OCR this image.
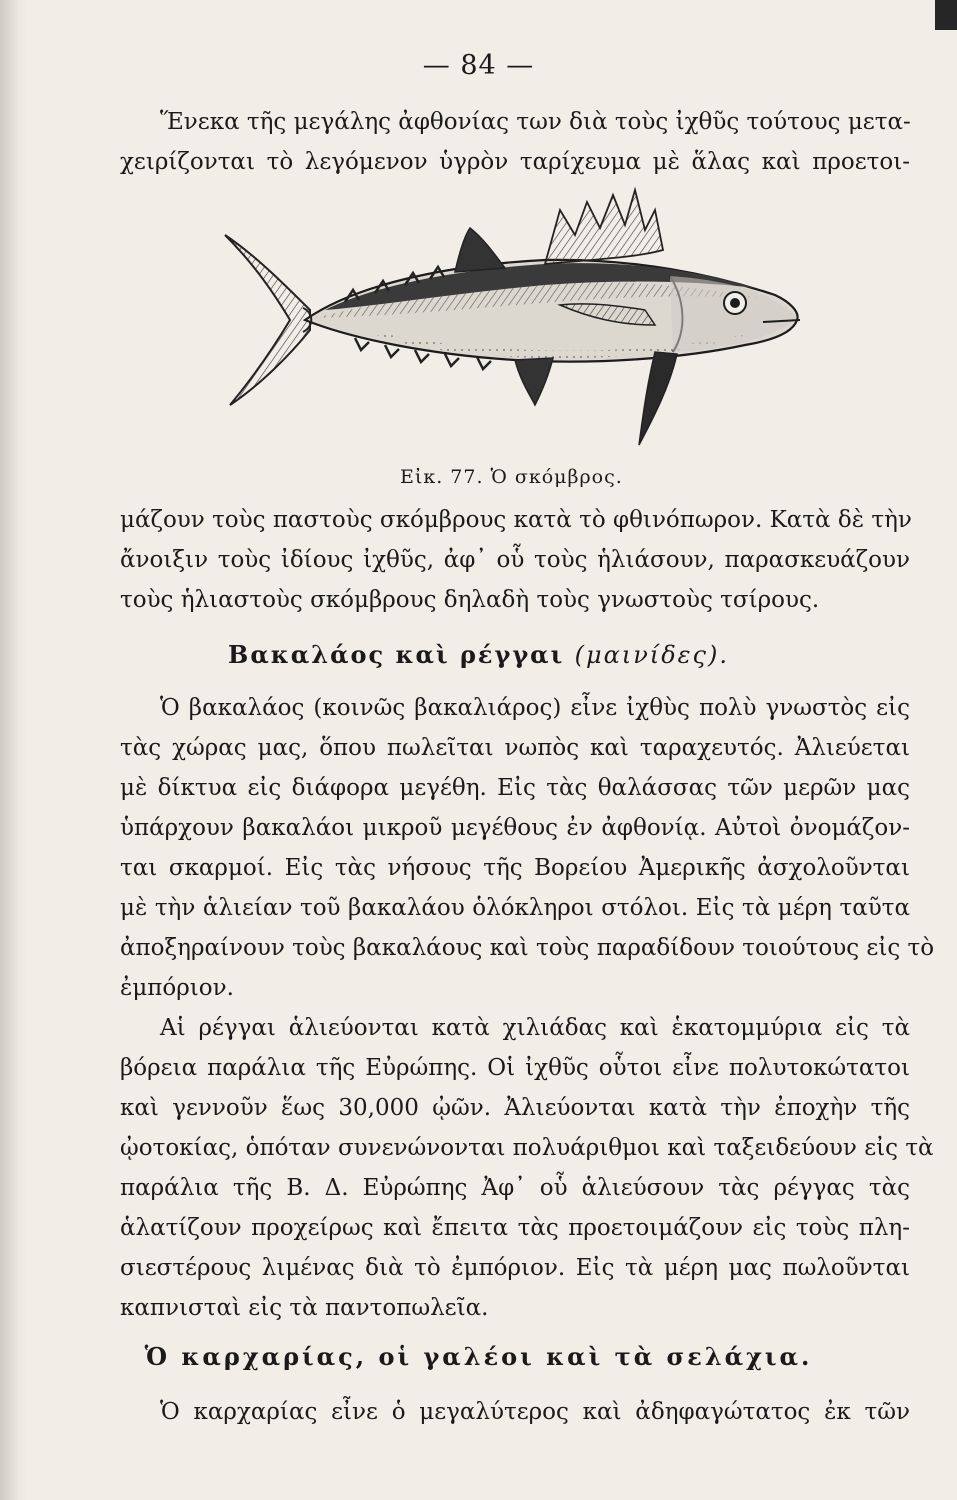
— 84 —
Ἕνεκα τῆς μεγάλης ἀφθονίας των διὰ τοὺς ἰχθῦς τούτους μετα-
χειρίζονται τὸ λεγόμενον ὑγρὸν ταρίχευμα μὲ ἅλας καὶ προετοι-
Εἰκ. 77. Ὁ σκόμβρος.
μάζουν τοὺς παστοὺς σκόμβρους κατὰ τὸ φθινόπωρον. Κατὰ δὲ τὴν
ἄνοιξιν τοὺς ἰδίους ἰχθῦς, ἀφ᾽ οὗ τοὺς ἡλιάσουν, παρασκευάζουν
τοὺς ἡλιαστοὺς σκόμβρους δηλαδὴ τοὺς γνωστοὺς τσίρους.
Βακαλάος καὶ ρέγγαι (μαινίδες).
Ὁ βακαλάος (κοινῶς βακαλιάρος) εἶνε ἰχθὺς πολὺ γνωστὸς εἰς
τὰς χώρας μας, ὅπου πωλεῖται νωπὸς καὶ ταραχευτός. Ἀλιεύεται
μὲ δίκτυα εἰς διάφορα μεγέθη. Εἰς τὰς θαλάσσας τῶν μερῶν μας
ὑπάρχουν βακαλάοι μικροῦ μεγέθους ἐν ἀφθονίᾳ. Αὐτοὶ ὀνομάζον-
ται σκαρμοί. Εἰς τὰς νήσους τῆς Βορείου Ἀμερικῆς ἀσχολοῦνται
μὲ τὴν ἁλιείαν τοῦ βακαλάου ὁλόκληροι στόλοι. Εἰς τὰ μέρη ταῦτα
ἀποξηραίνουν τοὺς βακαλάους καὶ τοὺς παραδίδουν τοιούτους εἰς τὸ
ἐμπόριον.
Αἱ ρέγγαι ἁλιεύονται κατὰ χιλιάδας καὶ ἑκατομμύρια εἰς τὰ
βόρεια παράλια τῆς Εὐρώπης. Οἱ ἰχθῦς οὗτοι εἶνε πολυτοκώτατοι
καὶ γεννοῦν ἕως 30,000 ᾠῶν. Ἀλιεύονται κατὰ τὴν ἐποχὴν τῆς
ᾠοτοκίας, ὁπόταν συνενώνονται πολυάριθμοι καὶ ταξειδεύουν εἰς τὰ
παράλια τῆς Β. Δ. Εὐρώπης Ἀφ᾽ οὗ ἁλιεύσουν τὰς ρέγγας τὰς
ἁλατίζουν προχείρως καὶ ἔπειτα τὰς προετοιμάζουν εἰς τοὺς πλη-
σιεστέρους λιμένας διὰ τὸ ἐμπόριον. Εἰς τὰ μέρη μας πωλοῦνται
καπνισταὶ εἰς τὰ παντοπωλεῖα.
Ὁ καρχαρίας, οἱ γαλέοι καὶ τὰ σελάχια.
Ὁ καρχαρίας εἶνε ὁ μεγαλύτερος καὶ ἀδηφαγώτατος ἐκ τῶν
